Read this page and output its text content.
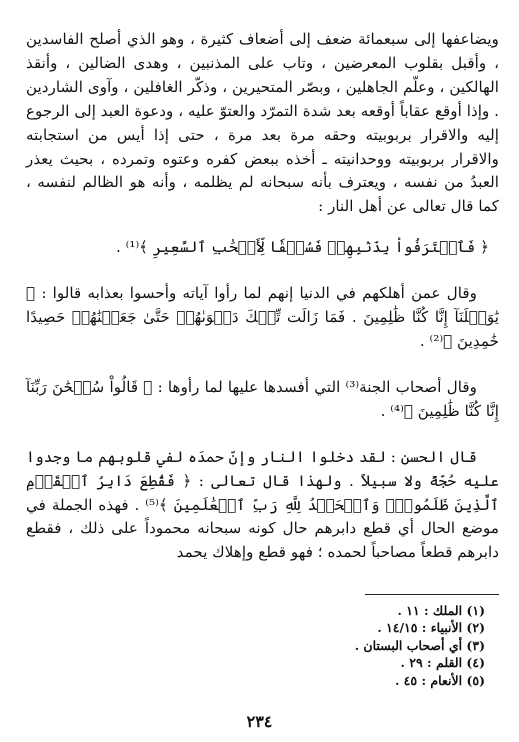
ويضاعفها إلى سبعمائة ضعف إلى أضعاف كثيرة ، وهو الذي أصلح الفاسدين ، وأقبل بقلوب المعرضين ، وتاب على المذنبين ، وهدى الضالين ، وأنقذ الهالكين ، وعلّم الجاهلين ، وبصّر المتحيرين ، وذكّر الغافلين ، وآوى الشاردين . وإذا أوقع عقاباً أوقعه بعد شدة التمرّد والعتوّ عليه ، ودعوة العبد إلى الرجوع إليه والاقرار بربوبيته وحقه مرة بعد مرة ، حتى إذا أيس من استجابته والاقرار بربوبيته ووحدانيته ـ أخذه ببعض كفره وعتوه وتمرده ، بحيث يعذر العبدُ من نفسه ، ويعترف بأنه سبحانه لم يظلمه ، وأنه هو الظالم لنفسه ، كما قال تعالى عن أهل النار :

﴿ فَٱعۡتَرَفُواْ بِذَنۢبِهِمۡ فَسُحۡقٗا لِّأَصۡحَٰبِ ٱلسَّعِيرِ ﴾⁽¹⁾ .

وقال عمن أهلكهم في الدنيا إنهم لما رأوا آياته وأحسوا بعذابه قالوا : ﴿ يَٰوَيۡلَنَآ إِنَّا كُنَّا ظَٰلِمِينَ . فَمَا زَالَت تِّلۡكَ دَعۡوَىٰهُمۡ حَتَّىٰ جَعَلۡنَٰهُمۡ حَصِيدًا خَٰمِدِينَ ﴾⁽²⁾ .

وقال أصحاب الجنة⁽³⁾ التي أفسدها عليها لما رأوها : ﴿ قَالُواْ سُبۡحَٰنَ رَبِّنَآ إِنَّا كُنَّا ظَٰلِمِينَ ﴾⁽⁴⁾ .

قال الحسن : لقد دخلوا النار وإنّ حمدَه لفي قلوبهم ما وجدوا عليه حُجّةً ولا سبيلاً . ولهذا قال تعالى : ﴿ فَقُطِعَ دَابِرُ ٱلۡقَوۡمِ ٱلَّذِينَ ظَلَمُواْۚ وَٱلۡحَمۡدُ لِلَّهِ رَبِّ ٱلۡعَٰلَمِينَ ﴾⁽⁵⁾ . فهذه الجملة في موضع الحال أي قطع دابرهم حال كونه سبحانه محموداً على ذلك ، فقطع دابرهم قطعاً مصاحباً لحمده ؛ فهو قطع وإهلاك يحمد

(١) الملك : ١١ .
(٢) الأنبياء : ١٤/١٥ .
(٣) أي أصحاب البستان .
(٤) القلم : ٢٩ .
(٥) الأنعام : ٤٥ .
٢٣٤
